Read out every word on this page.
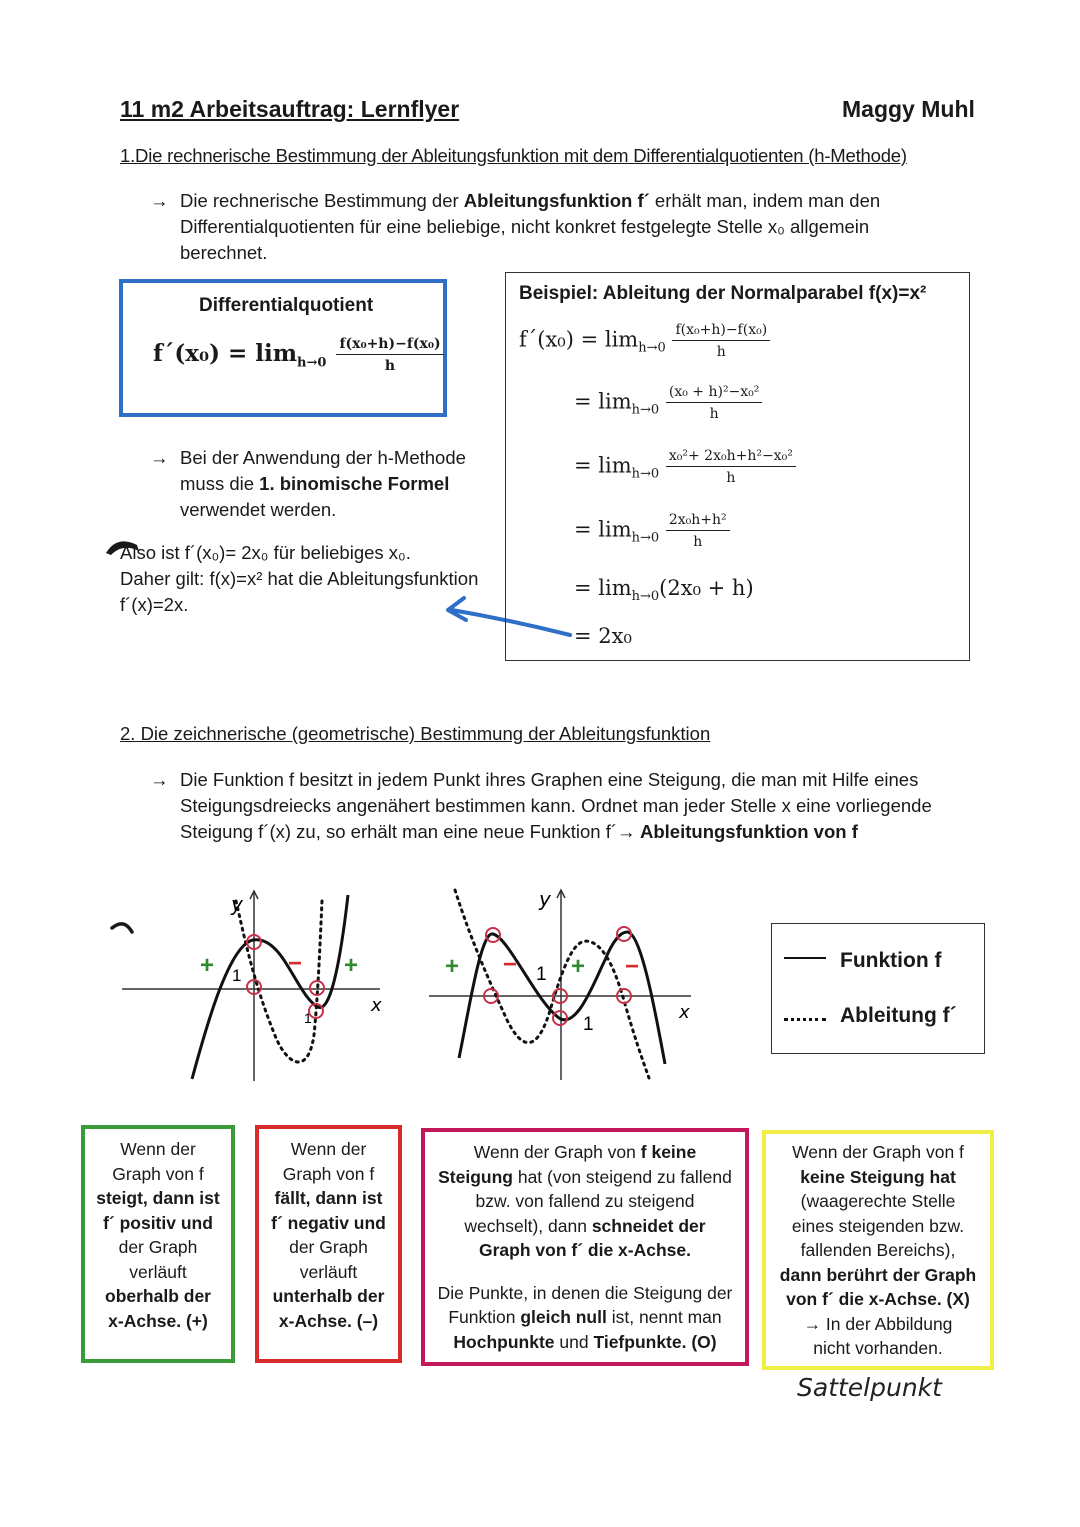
11 m2 Arbeitsauftrag: Lernflyer	Maggy Muhl
1.Die rechnerische Bestimmung der Ableitungsfunktion mit dem Differentialquotienten (h-Methode)
→ Die rechnerische Bestimmung der Ableitungsfunktion f´ erhält man, indem man den
Differentialquotienten für eine beliebige, nicht konkret festgelegte Stelle x₀ allgemein
berechnet.
Differentialquotient
f´(x₀) = $\lim_{h\to 0} \frac{\text{f(x₀+h)−f(x₀)}}{h}$
→ Bei der Anwendung der h-Methode
muss die 1. binomische Formel
verwendet werden.
Also ist f´(x₀)= 2x₀ für beliebiges x₀.
Daher gilt: f(x)=x² hat die Ableitungsfunktion
f´(x)=2x.
Beispiel: Ableitung der Normalparabel f(x)=x²
f´(x₀) = $\lim_{h\to 0} \frac{\text{f(x₀+h)−f(x₀)}}{h}$
= $\lim_{h\to 0} \frac{\text{(x₀ + h)²−x₀²}}{h}$
= $\lim_{h\to 0} \frac{\text{x₀²+ 2x₀h+h²−x₀²}}{h}$
= $\lim_{h\to 0} \frac{\text{2x₀h+h²}}{h}$
= $\lim_{h\to 0}(2x_0 + h)$
= 2x₀
2. Die zeichnerische (geometrische) Bestimmung der Ableitungsfunktion
→ Die Funktion f besitzt in jedem Punkt ihres Graphen eine Steigung, die man mit Hilfe eines
Steigungsdreiecks angenähert bestimmen kann. Ordnet man jeder Stelle x eine vorliegende
Steigung f´(x) zu, so erhält man eine neue Funktion f´→ Ableitungsfunktion von f
y
x
1
1
+	− +
y
x
1
1
+ − + −	Funktion f
Ableitung f´
Wenn der
Graph von f
steigt, dann ist
f´ positiv und
der Graph
verläuft
oberhalb der
x-Achse. (+)
Wenn der
Graph von f
fällt, dann ist
f´ negativ und
der Graph
verläuft
unterhalb der
x-Achse. (–)
Wenn der Graph von f keine
Steigung hat (von steigend zu fallend
bzw. von fallend zu steigend
wechselt), dann schneidet der
Graph von f´ die x-Achse.
Die Punkte, in denen die Steigung der
Funktion gleich null ist, nennt man
Hochpunkte und Tiefpunkte. (O)
Wenn der Graph von f
keine Steigung hat
(waagerechte Stelle
eines steigenden bzw.
fallenden Bereichs),
dann berührt der Graph
von f´ die x-Achse. (X)
→ In der Abbildung
nicht vorhanden.
Sattelpunkt
